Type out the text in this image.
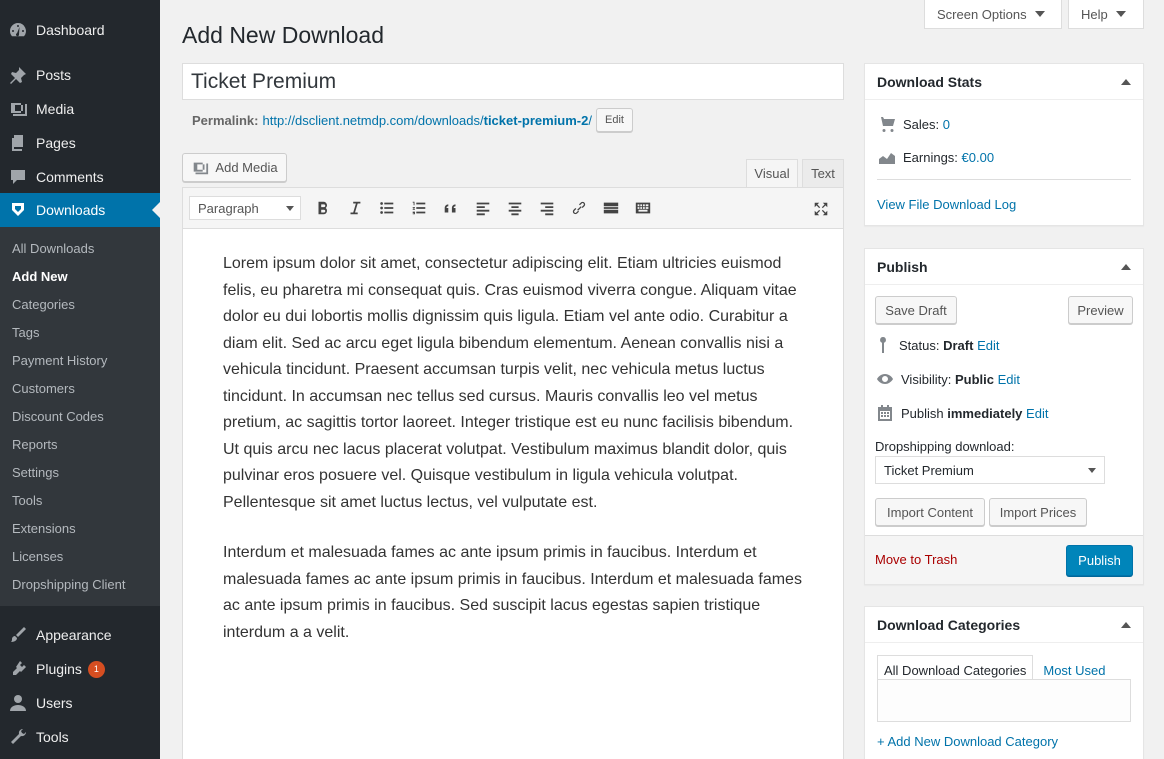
Dashboard
Posts
Media
Pages
Comments
Downloads
All Downloads
Add New
Categories
Tags
Payment History
Customers
Discount Codes
Reports
Settings
Tools
Extensions
Licenses
Dropshipping Client
Appearance
Plugins	1
Users
Tools
Screen Options	Help
Add New Download
Ticket Premium
Permalink: http://dsclient.netmdp.com/downloads/ticket-premium-2/	Edit
Add Media	Visual	Text
Paragraph

Lorem ipsum dolor sit amet, consectetur adipiscing elit. Etiam ultricies euismod felis, eu pharetra mi consequat quis. Cras euismod viverra congue. Aliquam vitae dolor eu dui lobortis mollis dignissim quis ligula. Etiam vel ante odio. Curabitur a diam elit. Sed ac arcu eget ligula bibendum elementum. Aenean convallis nisi a vehicula tincidunt. Praesent accumsan turpis velit, nec vehicula metus luctus tincidunt. In accumsan nec tellus sed cursus. Mauris convallis leo vel metus pretium, ac sagittis tortor laoreet. Integer tristique est eu nunc facilisis bibendum. Ut quis arcu nec lacus placerat volutpat. Vestibulum maximus blandit dolor, quis pulvinar eros posuere vel. Quisque vestibulum in ligula vehicula volutpat. Pellentesque sit amet luctus lectus, vel vulputate est.

Interdum et malesuada fames ac ante ipsum primis in faucibus. Interdum et malesuada fames ac ante ipsum primis in faucibus. Interdum et malesuada fames ac ante ipsum primis in faucibus. Sed suscipit lacus egestas sapien tristique interdum a a velit.

Download Stats
Sales:
0
Earnings:
€0.00
View File Download Log
Publish
Save Draft	Preview
Status:
Draft
Edit
Visibility:
Public
Edit
Publish
immediately
Edit
Dropshipping download:
Ticket Premium
Import Content	Import Prices
Move to Trash	Publish
Download Categories
All Download Categories	Most Used
+ Add New Download Category
